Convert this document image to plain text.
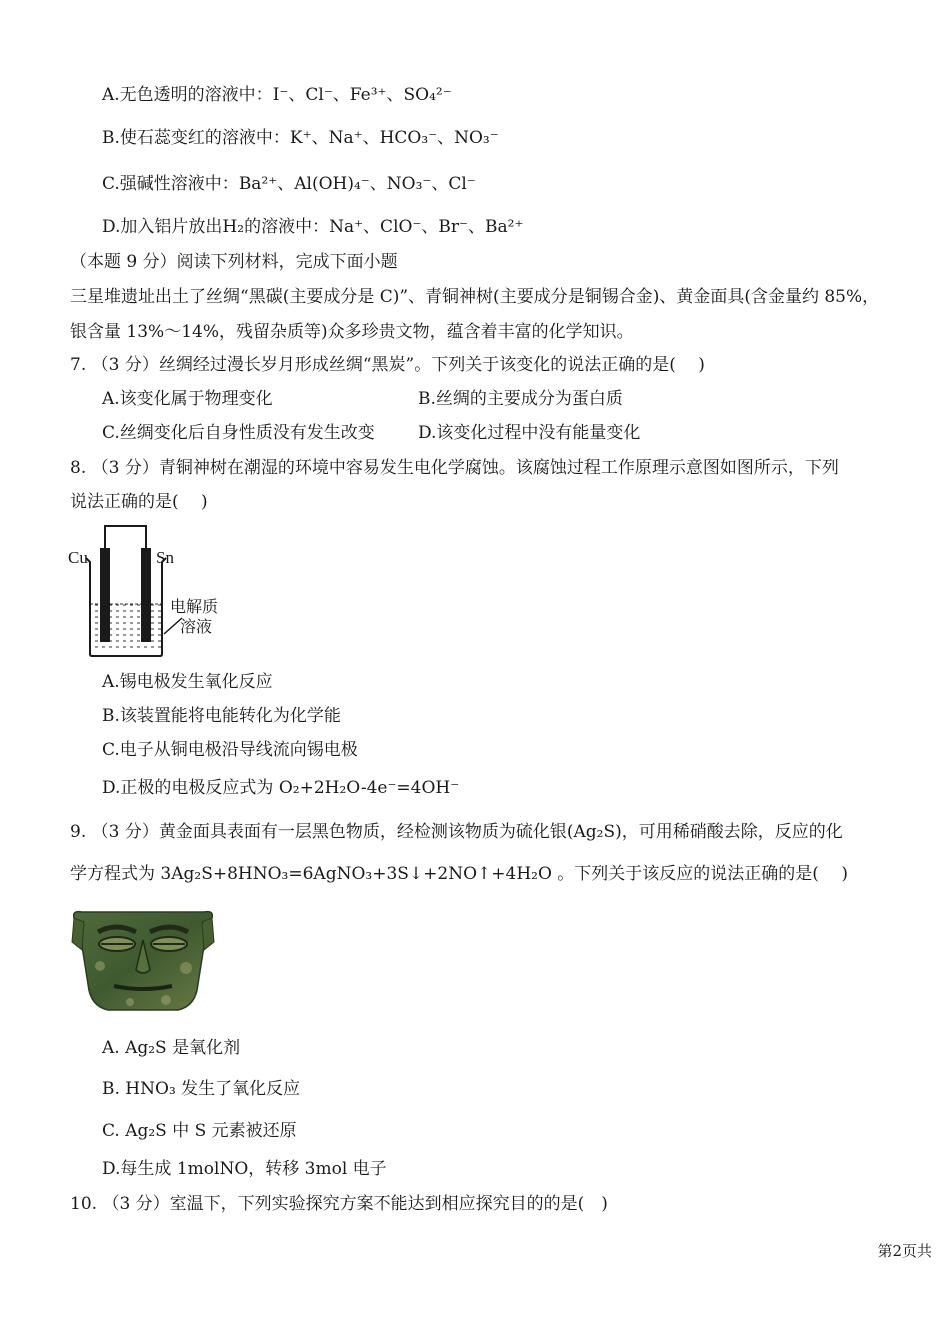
A.无色透明的溶液中：I⁻、Cl⁻、Fe³⁺、SO₄²⁻
B.使石蕊变红的溶液中：K⁺、Na⁺、HCO₃⁻、NO₃⁻
C.强碱性溶液中：Ba²⁺、Al(OH)₄⁻、NO₃⁻、Cl⁻
D.加入铝片放出H₂的溶液中：Na⁺、ClO⁻、Br⁻、Ba²⁺
（本题 9 分）阅读下列材料，完成下面小题
三星堆遗址出土了丝绸“黑碳(主要成分是 C)”、青铜神树(主要成分是铜锡合金)、黄金面具(含金量约 85%，
银含量 13%～14%，残留杂质等)众多珍贵文物，蕴含着丰富的化学知识。
7. （3 分）丝绸经过漫长岁月形成丝绸“黑炭”。下列关于该变化的说法正确的是(　 )
A.该变化属于物理变化	B.丝绸的主要成分为蛋白质
C.丝绸变化后自身性质没有发生改变	D.该变化过程中没有能量变化
8. （3 分）青铜神树在潮湿的环境中容易发生电化学腐蚀。该腐蚀过程工作原理示意图如图所示，下列
说法正确的是(　 )
Cu	Sn
电解质
溶液
A.锡电极发生氧化反应
B.该装置能将电能转化为化学能
C.电子从铜电极沿导线流向锡电极
D.正极的电极反应式为 O₂+2H₂O-4e⁻=4OH⁻
9. （3 分）黄金面具表面有一层黑色物质，经检测该物质为硫化银(Ag₂S)，可用稀硝酸去除，反应的化
学方程式为 3Ag₂S+8HNO₃=6AgNO₃+3S↓+2NO↑+4H₂O 。下列关于该反应的说法正确的是(　 )
A. Ag₂S 是氧化剂
B. HNO₃ 发生了氧化反应
C. Ag₂S 中 S 元素被还原
D.每生成 1molNO，转移 3mol 电子
10. （3 分）室温下，下列实验探究方案不能达到相应探究目的的是(　)
第2页共
